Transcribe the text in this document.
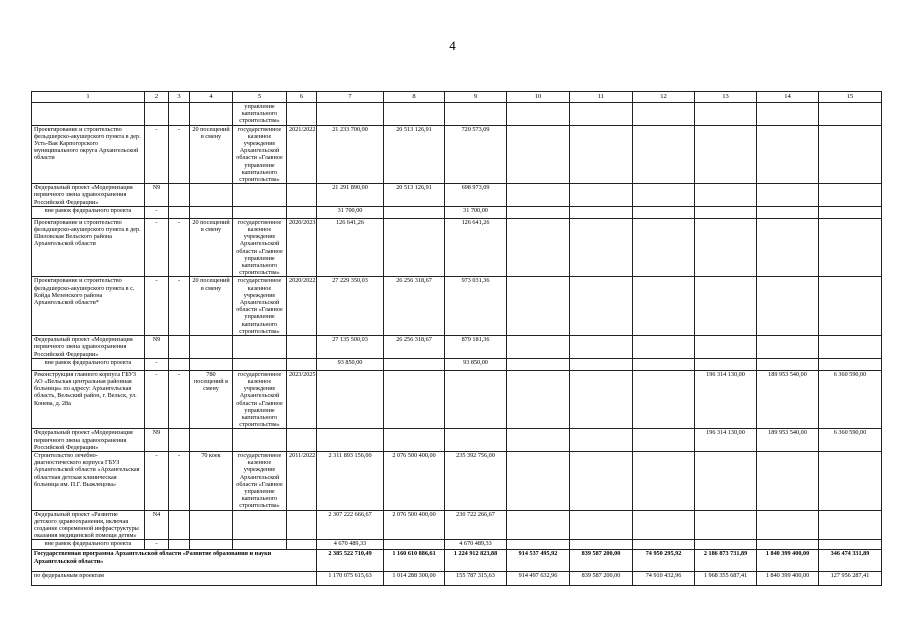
4
1	2	3	4	5	6	7	8	9	10	11	12	13	14	15
				управление капитального строительства»										
Проектирование и строительство фельдшерско-акушерского пункта в дер. Усть-Вая Карпогорского муниципального округа Архангельской области	-	-	20 посещений в смену	государственное казенное учреждение Архангельской области «Главное управление капитального строительства»	2021/2022	21 233 700,00	20 513 126,91	720 573,09						
Федеральный проект «Модернизация первичного звена здравоохранения Российской Федерации»	N9					21 291 890,00	20 513 126,91	698 973,09						
вне рамок федерального проекта	-					31 700,00		31 700,00						
Проектирование и строительство фельдшерско-акушерского пункта в дер. Шиловская Вельского района Архангельской области	-	-	20 посещений в смену	государственное казенное учреждение Архангельской области «Главное управление капитального строительства»	2020/2023	126 641,26		126 641,26						
Проектирование и строительство фельдшерско-акушерского пункта в с. Койда Мезенского района Архангельской области*	-	-	20 посещений в смену	государственное казенное учреждение Архангельской области «Главное управление капитального строительства»	2020/2022	27 229 350,03	26 256 318,67	973 031,36						
Федеральный проект «Модернизация первичного звена здравоохранения Российской Федерации»	N9					27 135 500,03	26 256 318,67	879 181,36						
вне рамок федерального проекта	-					93 850,00		93 850,00						
Реконструкция главного корпуса ГБУЗ АО «Вельская центральная районная больница» по адресу: Архангельская область, Вельский район, г. Вельск, ул. Конева, д. 28а	-	-	780 посещений в смену	государственное казенное учреждение Архангельской области «Главное управление капитального строительства»	2023/2025							196 314 130,00	189 953 540,00	6 360 590,00
Федеральный проект «Модернизация первичного звена здравоохранения Российской Федерации»	N9											196 314 130,00	189 953 540,00	6 360 590,00
Строительство лечебно-диагностического корпуса ГБУЗ Архангельской области «Архангельская областная детская клиническая больница им. П.Г. Выжлецова»	-	-	70 коек	государственное казенное учреждение Архангельской области «Главное управление капитального строительства»	2011/2022	2 311 893 156,00	2 076 500 400,00	235 392 756,00						
Федеральный проект «Развитие детского здравоохранения, включая создание современной инфраструктуры оказания медицинской помощи детям»	N4					2 307 222 666,67	2 076 500 400,00	230 722 266,67						
вне рамок федерального проекта	-					4 670 489,33		4 670 489,33						
Государственная программа Архангельской области «Развитие образования и науки Архангельской области»						2 385 522 710,49	1 160 610 886,61	1 224 912 823,88	914 537 495,92	839 587 200,00	74 950 295,92	2 186 873 731,89	1 840 399 400,00	346 474 331,89
по федеральным проектам						1 170 075 615,63	1 014 288 300,00	155 787 315,63	914 497 632,96	839 587 200,00	74 910 432,96	1 968 355 687,41	1 840 399 400,00	127 956 287,41
